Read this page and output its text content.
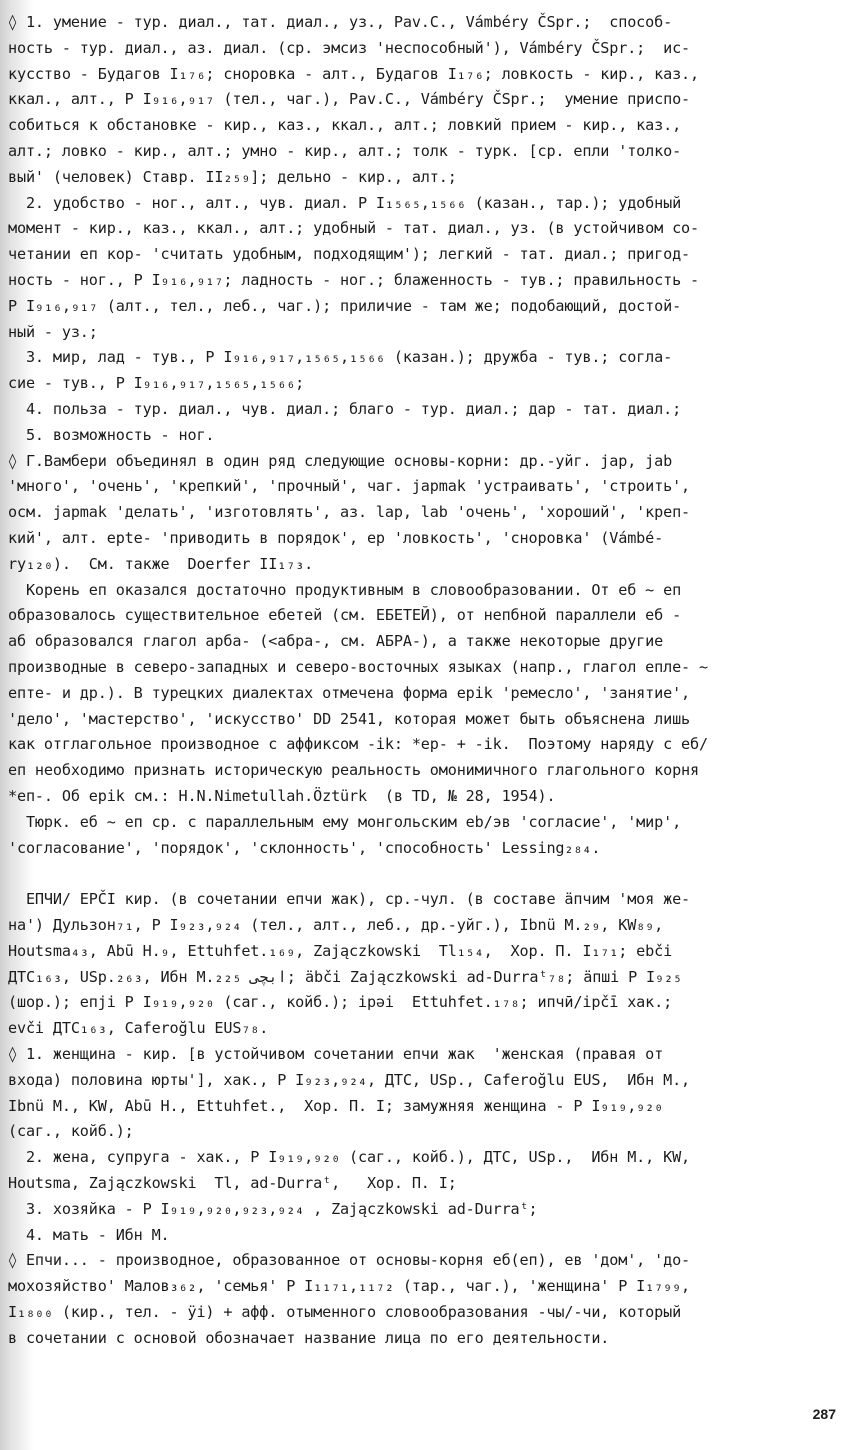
◊ 1. умение - тур. диал., тат. диал., уз., Pav.C., Vámbéry ČSpr.;  способ-
ность - тур. диал., аз. диал. (ср. эмсиз 'неспособный'), Vámbéry ČSpr.;  ис-
кусство - Будагов I₁₇₆; сноровка - алт., Будагов I₁₇₆; ловкость - кир., каз.,
ккал., алт., Р I₉₁₆,₉₁₇ (тел., чаг.), Pav.C., Vámbéry ČSpr.;  умение приспо-
собиться к обстановке - кир., каз., ккал., алт.; ловкий прием - кир., каз.,
алт.; ловко - кир., алт.; умно - кир., алт.; толк - турк. [ср. епли 'толко-
вый' (человек) Ставр. II₂₅₉]; дельно - кир., алт.;
2. удобство - ног., алт., чув. диал. Р I₁₅₆₅,₁₅₆₆ (казан., тар.); удобный
момент - кир., каз., ккал., алт.; удобный - тат. диал., уз. (в устойчивом со-
четании еп кор- 'считать удобным, подходящим'); легкий - тат. диал.; пригод-
ность - ног., Р I₉₁₆,₉₁₇; ладность - ног.; блаженность - тув.; правильность -
Р I₉₁₆,₉₁₇ (алт., тел., леб., чаг.); приличие - там же; подобающий, достой-
ный - уз.;
3. мир, лад - тув., Р I₉₁₆,₉₁₇,₁₅₆₅,₁₅₆₆ (казан.); дружба - тув.; согла-
сие - тув., Р I₉₁₆,₉₁₇,₁₅₆₅,₁₅₆₆;
4. польза - тур. диал., чув. диал.; благо - тур. диал.; дар - тат. диал.;
5. возможность - ног.
◊ Г.Вамбери объединял в один ряд следующие основы-корни: др.-уйг. jap, jab
'много', 'очень', 'крепкий', 'прочный', чаг. japmak 'устраивать', 'строить',
осм. japmak 'делать', 'изготовлять', аз. lap, lab 'очень', 'хороший', 'креп-
кий', алт. epte- 'приводить в порядок', ep 'ловкость', 'сноровка' (Vámbé-
ry₁₂₀).  См. также  Doerfer II₁₇₃.
Корень еп оказался достаточно продуктивным в словообразовании. От еб ~ еп
образовалось существительное ебетей (см. ЕБЕТЕЙ), от непбной параллели еб -
аб образовался глагол арба- (<абра-, см. АБРА-), а также некоторые другие
производные в северо-западных и северо-восточных языках (напр., глагол епле- ~
епте- и др.). В турецких диалектах отмечена форма epik 'ремесло', 'занятие',
'дело', 'мастерство', 'искусство' DD 2541, которая может быть объяснена лишь
как отглагольное производное с аффиксом -ik: *ep- + -ik.  Поэтому наряду с еб/
еп необходимо признать историческую реальность омонимичного глагольного корня
*еп-. Об epik см.: H.N.Nimetullah.Öztürk  (в TD, № 28, 1954).
Тюрк. еб ~ еп ср. с параллельным ему монгольским eb/эв 'согласие', 'мир',
'согласование', 'порядок', 'склонность', 'способность' Lessing₂₈₄.
ЕПЧИ/ ЕРČI кир. (в сочетании епчи жак), ср.-чул. (в составе ӓпчим 'моя же-
на') Дульзон₇₁, Р I₉₂₃,₉₂₄ (тел., алт., леб., др.-уйг.), Ibnü M.₂₉, KW₈₉,
Houtsma₄₃, Abū H.₉, Ettuhfet.₁₆₉, Zajączkowski  Tl₁₅₄,  Хор. П. I₁₇₁; ebči
ДТС₁₆₃, USp.₂₆₃, Ибн М.₂₂₅ ابچى; äbči Zajączkowski ad-Durraᵗ₇₈; ӓпшi Р I₉₂₅
(шор.); епjі Р I₉₁₉,₉₂₀ (саг., койб.); ipǝi  Ettuhfet.₁₇₈; ипчӣ/ipčī хак.;
evči ДТС₁₆₃, Caferoğlu EUS₇₈.
◊ 1. женщина - кир. [в устойчивом сочетании епчи жак  'женская (правая от
входа) половина юрты'], хак., Р I₉₂₃,₉₂₄, ДТС, USp., Caferoğlu EUS,  Ибн М.,
Ibnü M., KW, Abū H., Ettuhfet.,  Хор. П. I; замужняя женщина - Р I₉₁₉,₉₂₀
(саг., койб.);
2. жена, супруга - хак., Р I₉₁₉,₉₂₀ (саг., койб.), ДТС, USp.,  Ибн М., KW,
Houtsma, Zajączkowski  Tl, ad-Durraᵗ,   Хор. П. I;
3. хозяйка - Р I₉₁₉,₉₂₀,₉₂₃,₉₂₄ , Zajączkowski ad-Durraᵗ;
4. мать - Ибн М.
◊ Епчи... - производное, образованное от основы-корня еб(еп), ев 'дом', 'до-
мохозяйство' Малов₃₆₂, 'семья' Р I₁₁₇₁,₁₁₇₂ (тар., чаг.), 'женщина' Р I₁₇₉₉,
I₁₈₀₀ (кир., тел. - ӱі) + афф. отыменного словообразования -чы/-чи, который
в сочетании с основой обозначает название лица по его деятельности.
287
